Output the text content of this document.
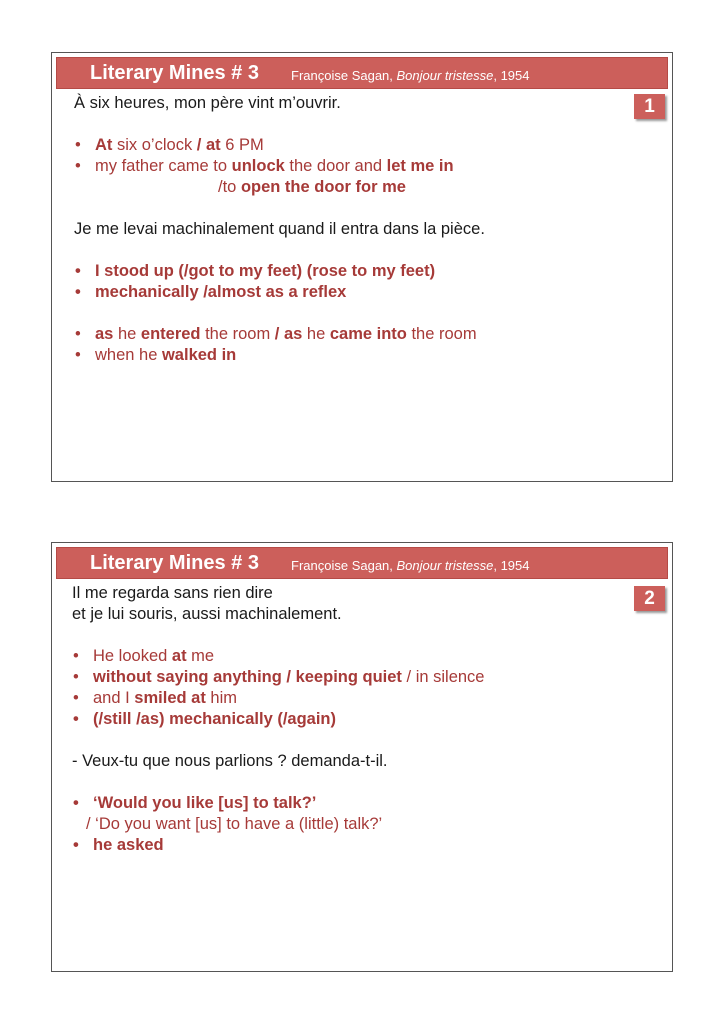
Literary Mines # 3 Françoise Sagan, Bonjour tristesse, 1954
1
À six heures, mon père vint m’ouvrir.
• At six o’clock / at 6 PM
• my father came to unlock the door and let me in
/to open the door for me
Je me levai machinalement quand il entra dans la pièce.
• I stood up (/got to my feet) (rose to my feet)
• mechanically /almost as a reflex
• as he entered the room / as he came into the room
• when he walked in
Literary Mines # 3 Françoise Sagan, Bonjour tristesse, 1954
2
Il me regarda sans rien dire
et je lui souris, aussi machinalement.
• He looked at me
• without saying anything / keeping quiet / in silence
• and I smiled at him
• (/still /as) mechanically (/again)
- Veux-tu que nous parlions ? demanda-t-il.
• ‘Would you like [us] to talk?’
/ ‘Do you want [us] to have a (little) talk?’
• he asked
